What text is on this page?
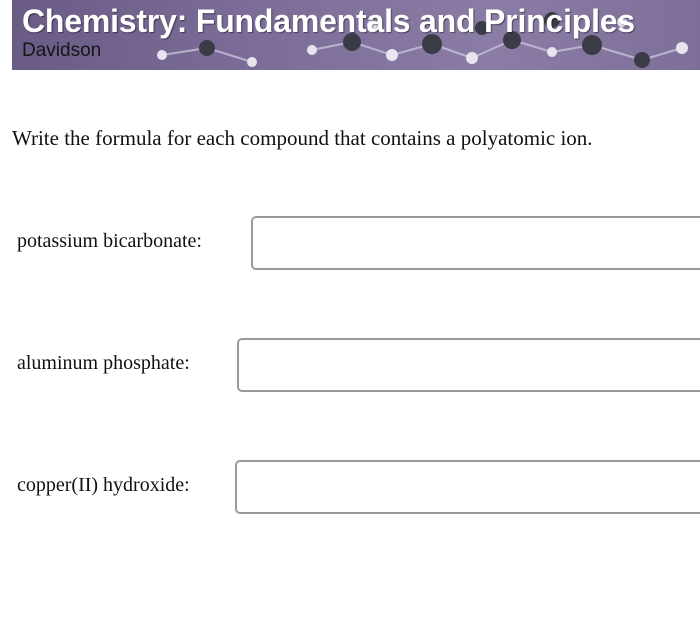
Chemistry: Fundamentals and Principles
Davidson

Write the formula for each compound that contains a polyatomic ion.

potassium bicarbonate:
aluminum phosphate:
copper(II) hydroxide:
